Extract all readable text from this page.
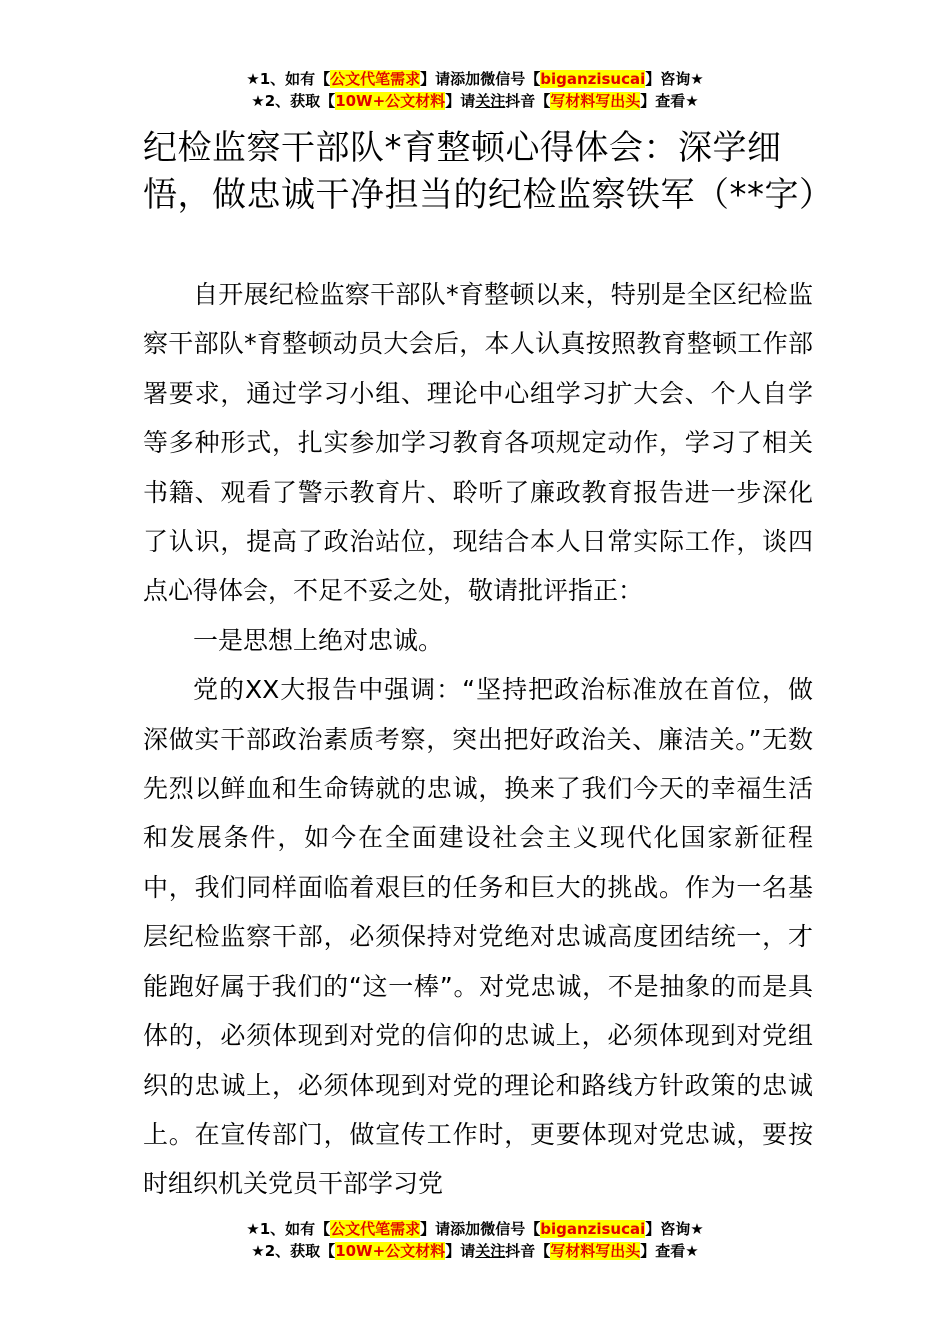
★1、如有【公文代笔需求】请添加微信号【biganzisucai】咨询★
★2、获取【10W+公文材料】请关注抖音【写材料写出头】查看★
纪检监察干部队*育整顿心得体会：深学细悟，做忠诚干净担当的纪检监察铁军（**字）

自开展纪检监察干部队*育整顿以来，特别是全区纪检监察干部队*育整顿动员大会后，本人认真按照教育整顿工作部署要求，通过学习小组、理论中心组学习扩大会、个人自学等多种形式，扎实参加学习教育各项规定动作，学习了相关书籍、观看了警示教育片、聆听了廉政教育报告进一步深化了认识，提高了政治站位，现结合本人日常实际工作，谈四点心得体会，不足不妥之处，敬请批评指正：

一是思想上绝对忠诚。

党的XX大报告中强调：“坚持把政治标准放在首位，做深做实干部政治素质考察，突出把好政治关、廉洁关。”无数先烈以鲜血和生命铸就的忠诚，换来了我们今天的幸福生活和发展条件，如今在全面建设社会主义现代化国家新征程中，我们同样面临着艰巨的任务和巨大的挑战。作为一名基层纪检监察干部，必须保持对党绝对忠诚高度团结统一，才能跑好属于我们的“这一棒”。对党忠诚，不是抽象的而是具体的，必须体现到对党的信仰的忠诚上，必须体现到对党组织的忠诚上，必须体现到对党的理论和路线方针政策的忠诚上。在宣传部门，做宣传工作时，更要体现对党忠诚，要按时组织机关党员干部学习党

★1、如有【公文代笔需求】请添加微信号【biganzisucai】咨询★
★2、获取【10W+公文材料】请关注抖音【写材料写出头】查看★
